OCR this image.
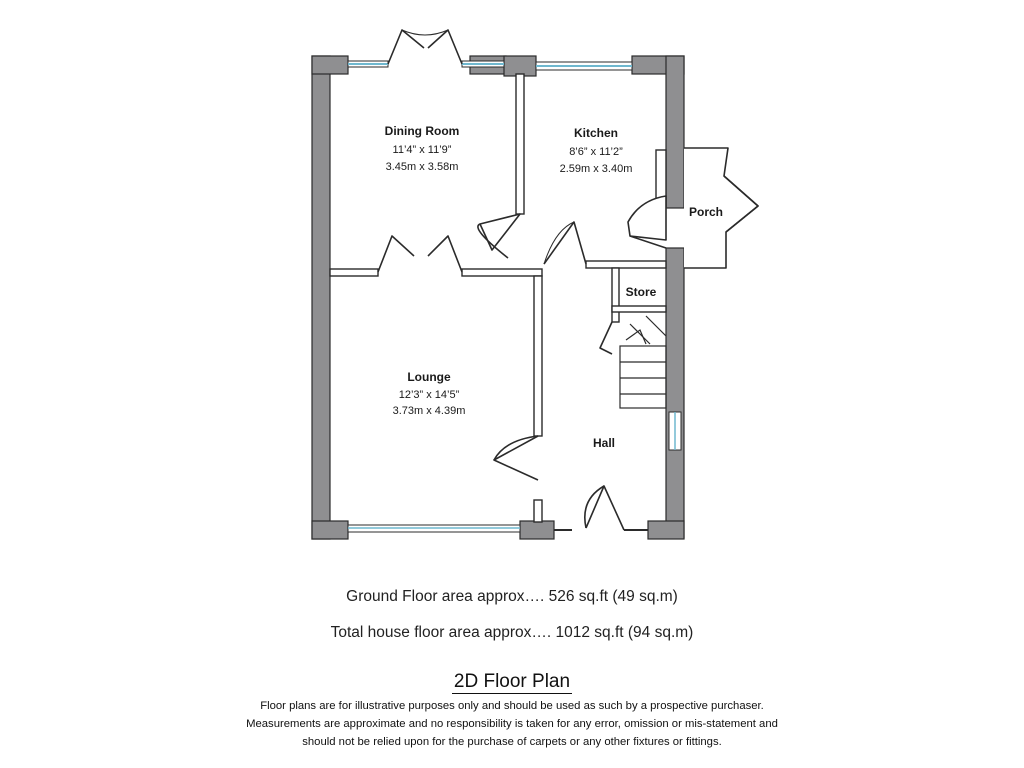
Dining Room
11’4” x 11’9”
3.45m x 3.58m
Kitchen
8’6” x 11’2”
2.59m x 3.40m
Porch
Store
Lounge
12’3” x 14’5”
3.73m x 4.39m
Hall
Ground Floor area approx…. 526 sq.ft (49 sq.m)
Total house floor area approx…. 1012 sq.ft (94 sq.m)
2D Floor Plan
Floor plans are for illustrative purposes only and should be used as such by a prospective purchaser.
Measurements are approximate and no responsibility is taken for any error, omission or mis-statement and
should not be relied upon for the purchase of carpets or any other fixtures or fittings.
